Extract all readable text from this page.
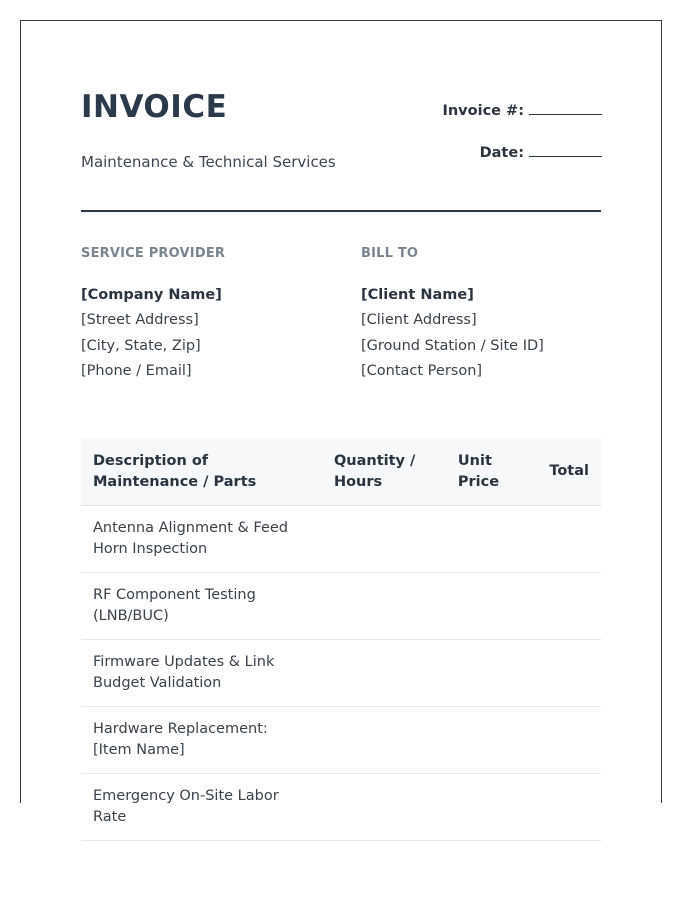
INVOICE
Maintenance & Technical Services
Invoice #:
Date:
SERVICE PROVIDER
[Company Name]
[Street Address]
[City, State, Zip]
[Phone / Email]
BILL TO
[Client Name]
[Client Address]
[Ground Station / Site ID]
[Contact Person]
Description of Maintenance / Parts	Quantity / Hours	Unit Price	Total
Antenna Alignment & Feed Horn Inspection			
RF Component Testing (LNB/BUC)			
Firmware Updates & Link Budget Validation			
Hardware Replacement: [Item Name]			
Emergency On-Site Labor Rate			
